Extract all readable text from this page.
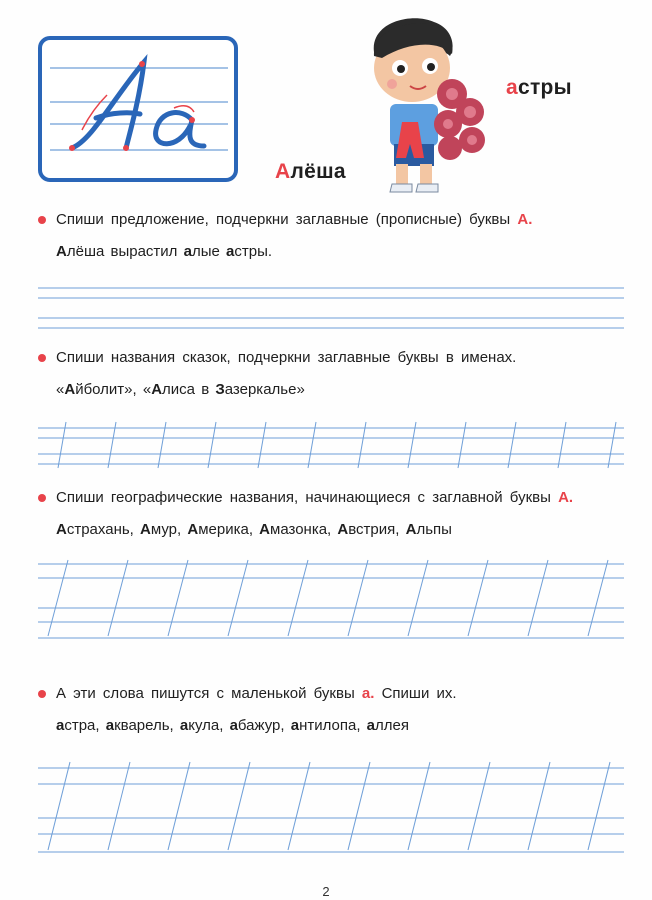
Алёша
астры
Спиши предложение, подчеркни заглавные (прописные) буквы А.
Алёша вырастил алые астры.
Спиши названия сказок, подчеркни заглавные буквы в именах.
«Айболит», «Алиса в Зазеркалье»
Спиши географические названия, начинающиеся с заглавной буквы А.
Астрахань, Амур, Америка, Амазонка, Австрия, Альпы
А эти слова пишутся с маленькой буквы а. Спиши их.
астра, акварель, акула, абажур, антилопа, аллея
2
